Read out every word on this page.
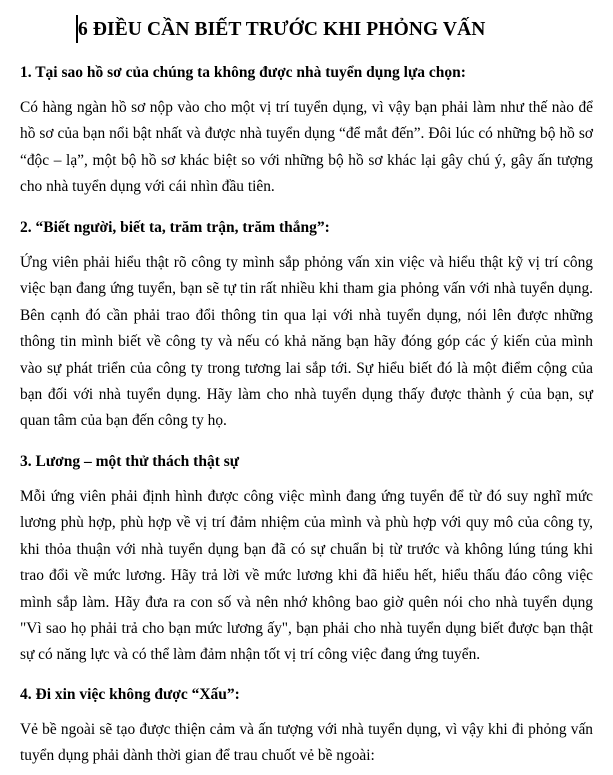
6 ĐIỀU CẦN BIẾT TRƯỚC KHI PHỎNG VẤN
1. Tại sao hồ sơ của chúng ta không được nhà tuyển dụng lựa chọn:

Có hàng ngàn hồ sơ nộp vào cho một vị trí tuyển dụng, vì vậy bạn phải làm như thế nào để hồ sơ của bạn nổi bật nhất và được nhà tuyển dụng “để mắt đến”. Đôi lúc có những bộ hồ sơ “độc – lạ”, một bộ hồ sơ khác biệt so với những bộ hồ sơ khác lại gây chú ý, gây ấn tượng cho nhà tuyển dụng với cái nhìn đầu tiên.

2. “Biết người, biết ta, trăm trận, trăm thắng”:

Ứng viên phải hiểu thật rõ công ty mình sắp phỏng vấn xin việc và hiểu thật kỹ vị trí công việc bạn đang ứng tuyển, bạn sẽ tự tin rất nhiều khi tham gia phỏng vấn với nhà tuyển dụng. Bên cạnh đó cần phải trao đổi thông tin qua lại với nhà tuyển dụng, nói lên được những thông tin mình biết về công ty và nếu có khả năng bạn hãy đóng góp các ý kiến của mình vào sự phát triển của công ty trong tương lai sắp tới. Sự hiểu biết đó là một điểm cộng của bạn đối với nhà tuyển dụng. Hãy làm cho nhà tuyển dụng thấy được thành ý của bạn, sự quan tâm của bạn đến công ty họ.

3. Lương – một thử thách thật sự

Mỗi ứng viên phải định hình được công việc mình đang ứng tuyển để từ đó suy nghĩ mức lương phù hợp, phù hợp về vị trí đảm nhiệm của mình và phù hợp với quy mô của công ty, khi thỏa thuận với nhà tuyển dụng bạn đã có sự chuẩn bị từ trước và không lúng túng khi trao đổi về mức lương. Hãy trả lời về mức lương khi đã hiểu hết, hiểu thấu đáo công việc mình sắp làm. Hãy đưa ra con số và nên nhớ không bao giờ quên nói cho nhà tuyển dụng "Vì sao họ phải trả cho bạn mức lương ấy", bạn phải cho nhà tuyển dụng biết được bạn thật sự có năng lực và có thể làm đảm nhận tốt vị trí công việc đang ứng tuyển.

4. Đi xin việc không được “Xấu”:

Vẻ bề ngoài sẽ tạo được thiện cảm và ấn tượng với nhà tuyển dụng, vì vậy khi đi phỏng vấn tuyển dụng phải dành thời gian để trau chuốt vẻ bề ngoài:
